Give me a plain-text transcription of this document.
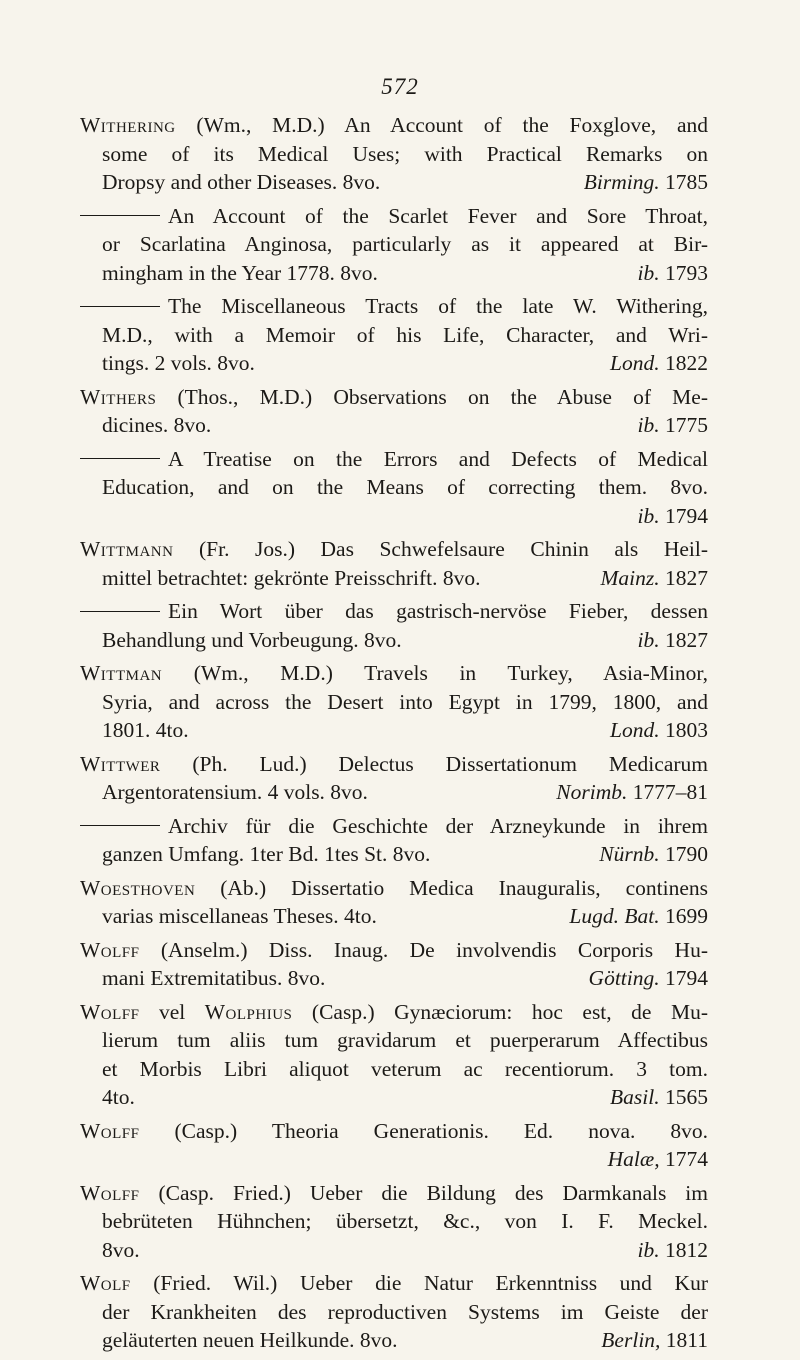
572
Withering (Wm., M.D.) An Account of the Foxglove, and
some of its Medical Uses; with Practical Remarks on
Dropsy and other Diseases. 8vo.	Birming. 1785
An Account of the Scarlet Fever and Sore Throat,
or Scarlatina Anginosa, particularly as it appeared at Bir-
mingham in the Year 1778. 8vo.	ib. 1793
The Miscellaneous Tracts of the late W. Withering,
M.D., with a Memoir of his Life, Character, and Wri-
tings. 2 vols. 8vo.	Lond. 1822
Withers (Thos., M.D.) Observations on the Abuse of Me-
dicines. 8vo.	ib. 1775
A Treatise on the Errors and Defects of Medical
Education, and on the Means of correcting them. 8vo.
ib. 1794
Wittmann (Fr. Jos.) Das Schwefelsaure Chinin als Heil-
mittel betrachtet: gekrönte Preisschrift. 8vo.	Mainz. 1827
Ein Wort über das gastrisch-nervöse Fieber, dessen
Behandlung und Vorbeugung. 8vo.	ib. 1827
Wittman (Wm., M.D.) Travels in Turkey, Asia-Minor,
Syria, and across the Desert into Egypt in 1799, 1800, and
1801. 4to.	Lond. 1803
Wittwer (Ph. Lud.) Delectus Dissertationum Medicarum
Argentoratensium. 4 vols. 8vo.	Norimb. 1777–81
Archiv für die Geschichte der Arzneykunde in ihrem
ganzen Umfang. 1ter Bd. 1tes St. 8vo.	Nürnb. 1790
Woesthoven (Ab.) Dissertatio Medica Inauguralis, continens
varias miscellaneas Theses. 4to.	Lugd. Bat. 1699
Wolff (Anselm.) Diss. Inaug. De involvendis Corporis Hu-
mani Extremitatibus. 8vo.	Götting. 1794
Wolff vel Wolphius (Casp.) Gynæciorum: hoc est, de Mu-
lierum tum aliis tum gravidarum et puerperarum Affectibus
et Morbis Libri aliquot veterum ac recentiorum. 3 tom.
4to.	Basil. 1565
Wolff (Casp.) Theoria Generationis. Ed. nova. 8vo.
Halæ, 1774
Wolff (Casp. Fried.) Ueber die Bildung des Darmkanals im
bebrüteten Hühnchen; übersetzt, &c., von I. F. Meckel.
8vo.	ib. 1812
Wolf (Fried. Wil.) Ueber die Natur Erkenntniss und Kur
der Krankheiten des reproductiven Systems im Geiste der
geläuterten neuen Heilkunde. 8vo.	Berlin, 1811
